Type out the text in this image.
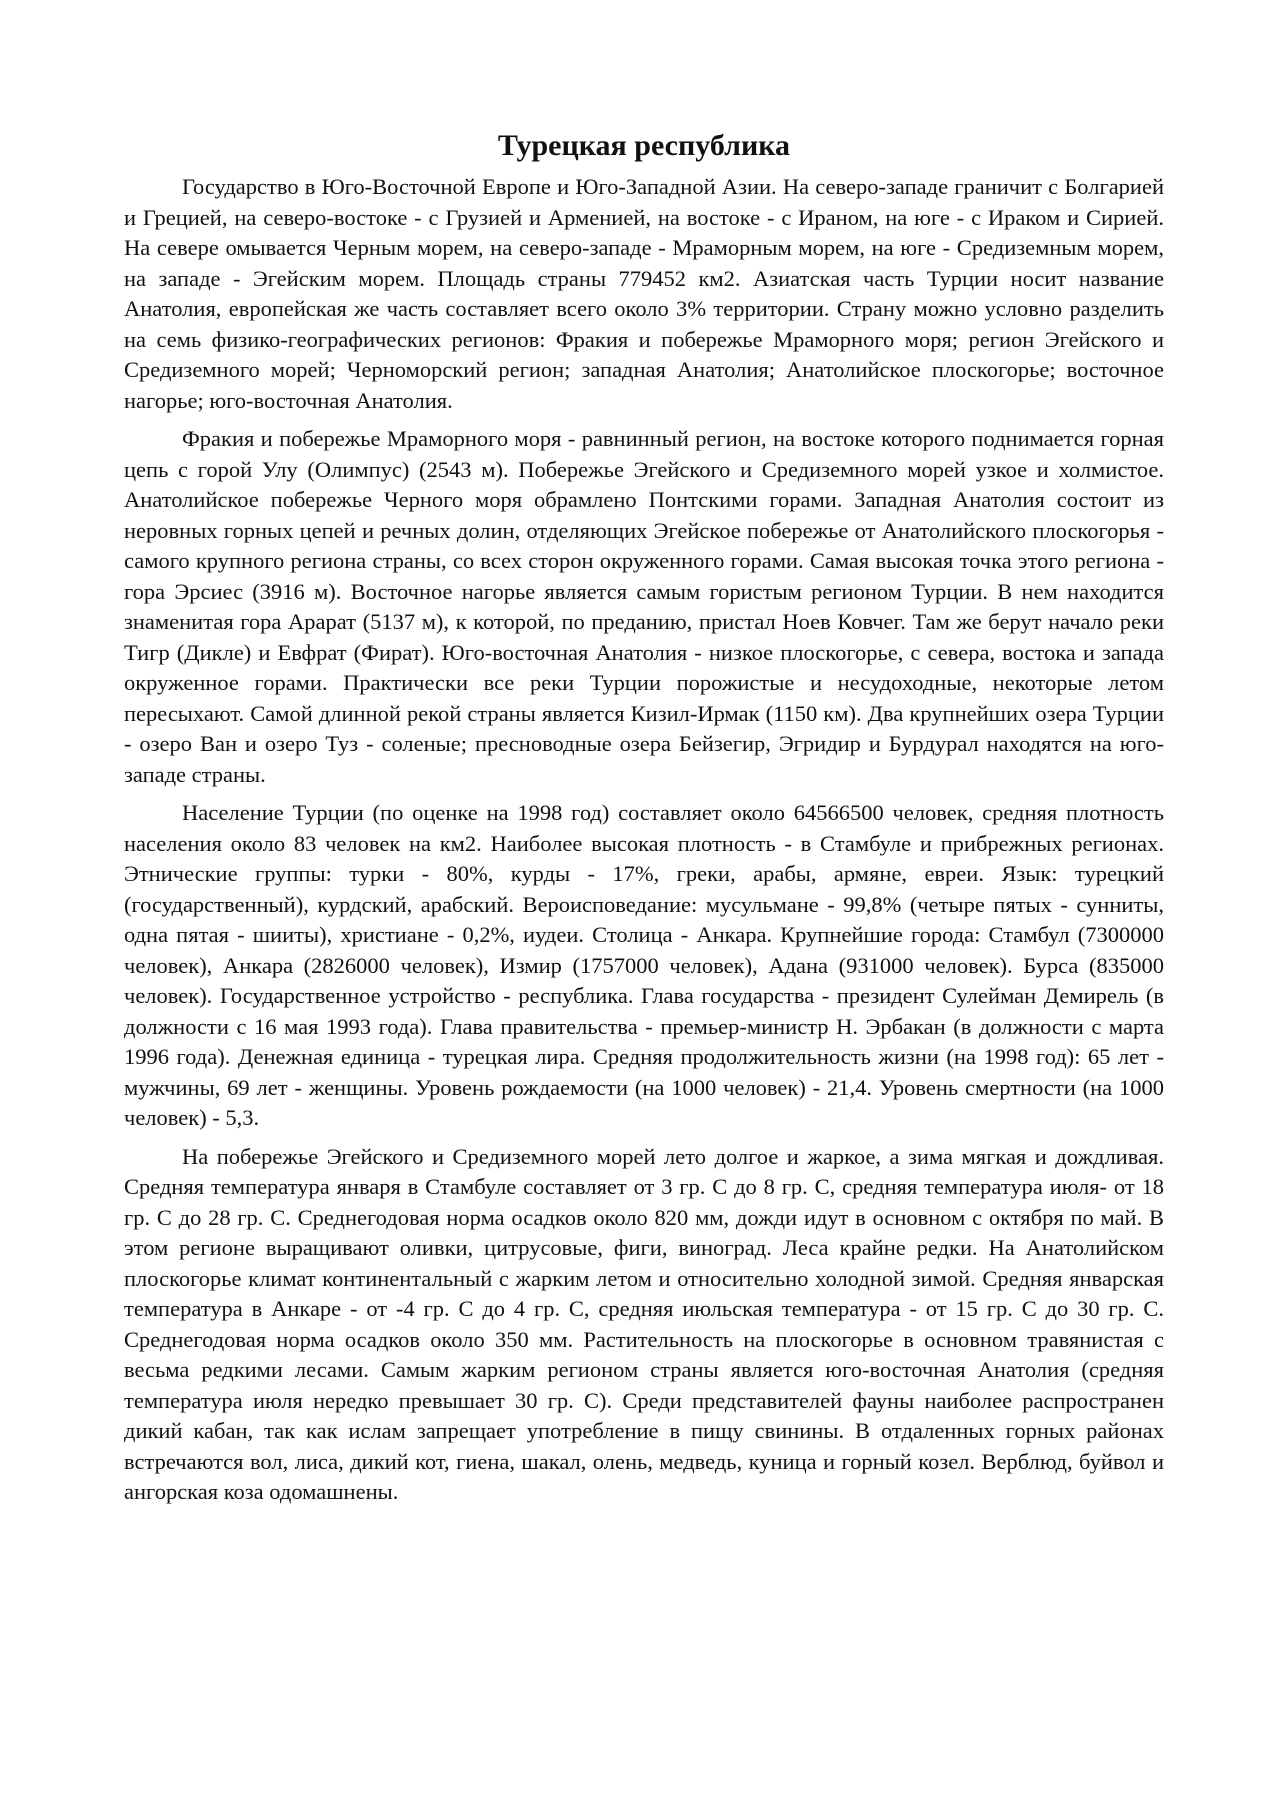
Турецкая республика

Государство в Юго-Восточной Европе и Юго-Западной Азии. На северо-западе граничит с Болгарией и Грецией, на северо-востоке - с Грузией и Арменией, на востоке - с Ираном, на юге - с Ираком и Сирией. На севере омывается Черным морем, на северо-западе - Мраморным морем, на юге - Средиземным морем, на западе - Эгейским морем. Площадь страны 779452 км2. Азиатская часть Турции носит название Анатолия, европейская же часть составляет всего около 3% территории. Страну можно условно разделить на семь физико-географических регионов: Фракия и побережье Мраморного моря; регион Эгейского и Средиземного морей; Черноморский регион; западная Анатолия; Анатолийское плоскогорье; восточное нагорье; юго-восточная Анатолия.

Фракия и побережье Мраморного моря - равнинный регион, на востоке которого поднимается горная цепь с горой Улу (Олимпус) (2543 м). Побережье Эгейского и Средиземного морей узкое и холмистое. Анатолийское побережье Черного моря обрамлено Понтскими горами. Западная Анатолия состоит из неровных горных цепей и речных долин, отделяющих Эгейское побережье от Анатолийского плоскогорья - самого крупного региона страны, со всех сторон окруженного горами. Самая высокая точка этого региона - гора Эрсиес (3916 м). Восточное нагорье является самым гористым регионом Турции. В нем находится знаменитая гора Арарат (5137 м), к которой, по преданию, пристал Ноев Ковчег. Там же берут начало реки Тигр (Дикле) и Евфрат (Фират). Юго-восточная Анатолия - низкое плоскогорье, с севера, востока и запада окруженное горами. Практически все реки Турции порожистые и несудоходные, некоторые летом пересыхают. Самой длинной рекой страны является Кизил-Ирмак (1150 км). Два крупнейших озера Турции - озеро Ван и озеро Туз - соленые; пресноводные озера Бейзегир, Эгридир и Бурдурал находятся на юго-западе страны.

Население Турции (по оценке на 1998 год) составляет около 64566500 человек, средняя плотность населения около 83 человек на км2. Наиболее высокая плотность - в Стамбуле и прибрежных регионах. Этнические группы: турки - 80%, курды - 17%, греки, арабы, армяне, евреи. Язык: турецкий (государственный), курдский, арабский. Вероисповедание: мусульмане - 99,8% (четыре пятых - сунниты, одна пятая - шииты), христиане - 0,2%, иудеи. Столица - Анкара. Крупнейшие города: Стамбул (7300000 человек), Анкара (2826000 человек), Измир (1757000 человек), Адана (931000 человек). Бурса (835000 человек). Государственное устройство - республика. Глава государства - президент Сулейман Демирель (в должности с 16 мая 1993 года). Глава правительства - премьер-министр Н. Эрбакан (в должности с марта 1996 года). Денежная единица - турецкая лира. Средняя продолжительность жизни (на 1998 год): 65 лет - мужчины, 69 лет - женщины. Уровень рождаемости (на 1000 человек) - 21,4. Уровень смертности (на 1000 человек) - 5,3.

На побережье Эгейского и Средиземного морей лето долгое и жаркое, а зима мягкая и дождливая. Средняя температура января в Стамбуле составляет от 3 гр. С до 8 гр. С, средняя температура июля- от 18 гр. С до 28 гр. С. Среднегодовая норма осадков около 820 мм, дожди идут в основном с октября по май. В этом регионе выращивают оливки, цитрусовые, фиги, виноград. Леса крайне редки. На Анатолийском плоскогорье климат континентальный с жарким летом и относительно холодной зимой. Средняя январская температура в Анкаре - от -4 гр. С до 4 гр. С, средняя июльская температура - от 15 гр. С до 30 гр. С. Среднегодовая норма осадков около 350 мм. Растительность на плоскогорье в основном травянистая с весьма редкими лесами. Самым жарким регионом страны является юго-восточная Анатолия (средняя температура июля нередко превышает 30 гр. С). Среди представителей фауны наиболее распространен дикий кабан, так как ислам запрещает употребление в пищу свинины. В отдаленных горных районах встречаются вол, лиса, дикий кот, гиена, шакал, олень, медведь, куница и горный козел. Верблюд, буйвол и ангорская коза одомашнены.
